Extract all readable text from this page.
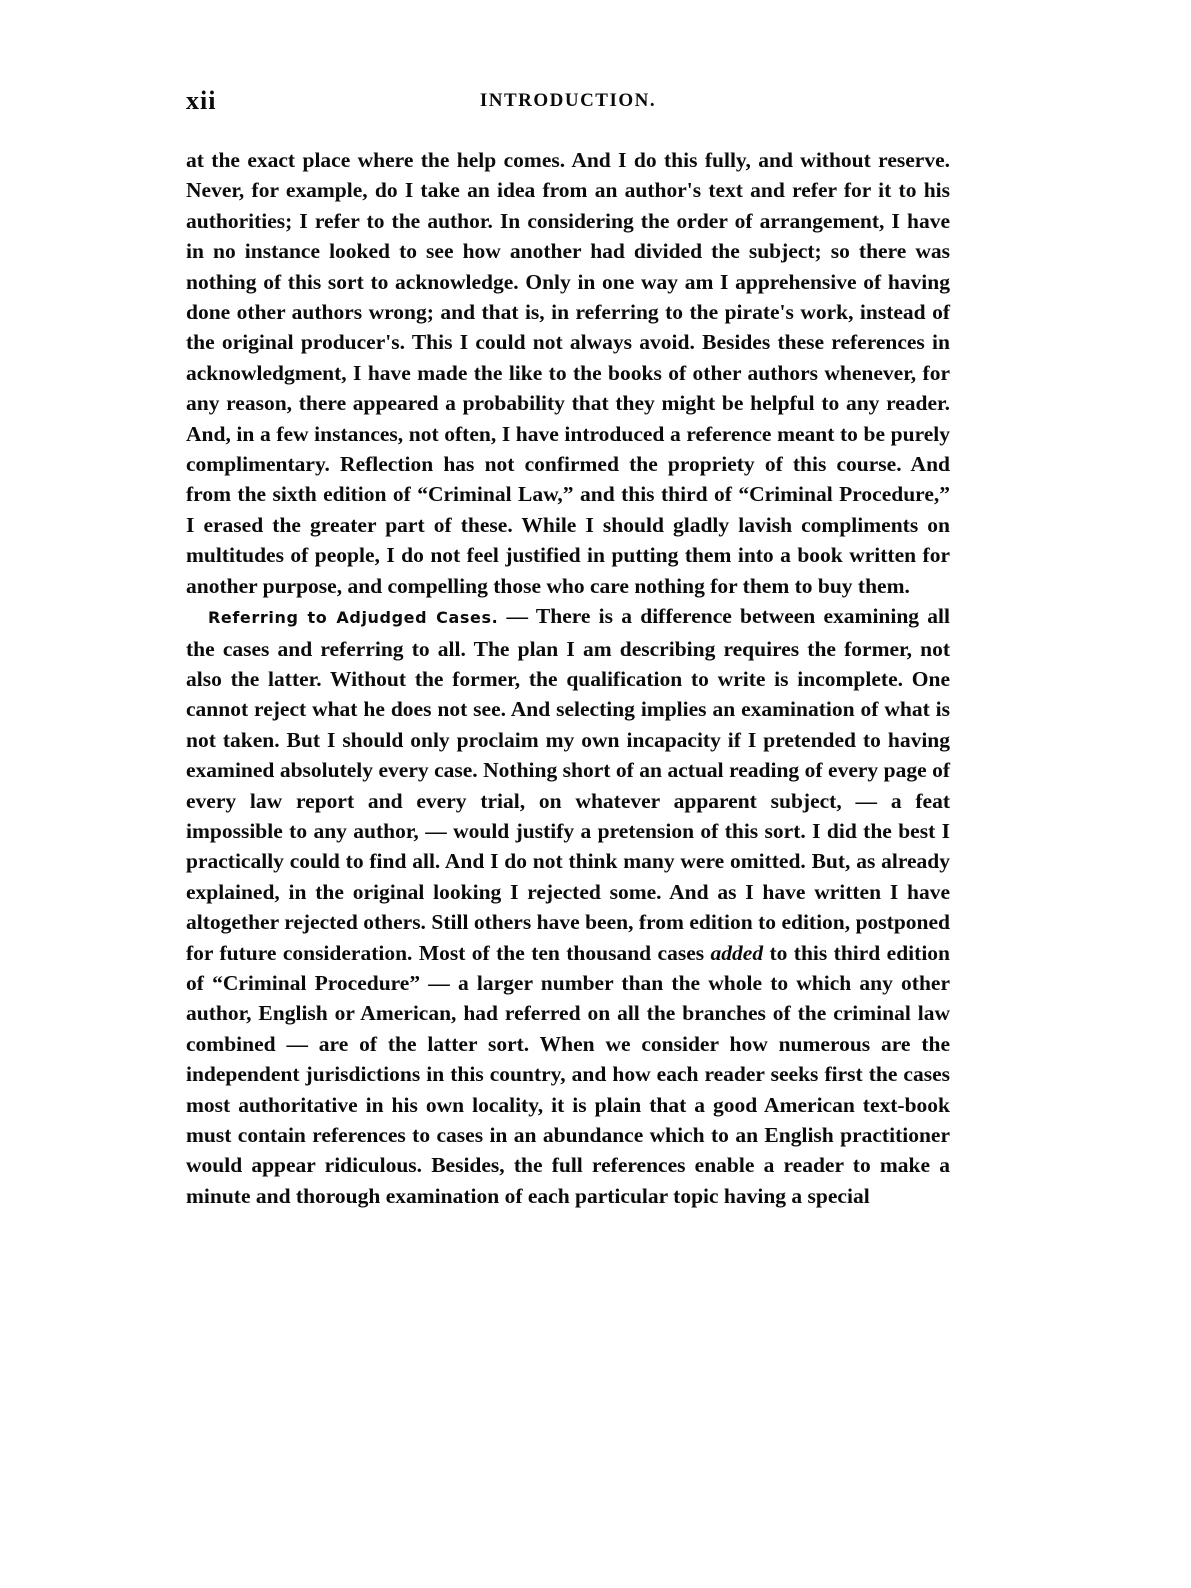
xii	INTRODUCTION.

at the exact place where the help comes. And I do this fully, and without reserve. Never, for example, do I take an idea from an author's text and refer for it to his authorities; I refer to the author. In considering the order of arrangement, I have in no instance looked to see how another had divided the subject; so there was nothing of this sort to acknowledge. Only in one way am I apprehensive of having done other authors wrong; and that is, in referring to the pirate's work, instead of the original producer's. This I could not always avoid. Besides these references in acknowledgment, I have made the like to the books of other authors whenever, for any reason, there appeared a probability that they might be helpful to any reader. And, in a few instances, not often, I have introduced a reference meant to be purely complimentary. Reflection has not confirmed the propriety of this course. And from the sixth edition of “Criminal Law,” and this third of “Criminal Procedure,” I erased the greater part of these. While I should gladly lavish compliments on multitudes of people, I do not feel justified in putting them into a book written for another purpose, and compelling those who care nothing for them to buy them.

Referring to Adjudged Cases. — There is a difference between examining all the cases and referring to all. The plan I am describing requires the former, not also the latter. Without the former, the qualification to write is incomplete. One cannot reject what he does not see. And selecting implies an examination of what is not taken. But I should only proclaim my own incapacity if I pretended to having examined absolutely every case. Nothing short of an actual reading of every page of every law report and every trial, on whatever apparent subject, — a feat impossible to any author, — would justify a pretension of this sort. I did the best I practically could to find all. And I do not think many were omitted. But, as already explained, in the original looking I rejected some. And as I have written I have altogether rejected others. Still others have been, from edition to edition, postponed for future consideration. Most of the ten thousand cases added to this third edition of “Criminal Procedure” — a larger number than the whole to which any other author, English or American, had referred on all the branches of the criminal law combined — are of the latter sort. When we consider how numerous are the independent jurisdictions in this country, and how each reader seeks first the cases most authoritative in his own locality, it is plain that a good American text-book must contain references to cases in an abundance which to an English practitioner would appear ridiculous. Besides, the full references enable a reader to make a minute and thorough examination of each particular topic having a special
